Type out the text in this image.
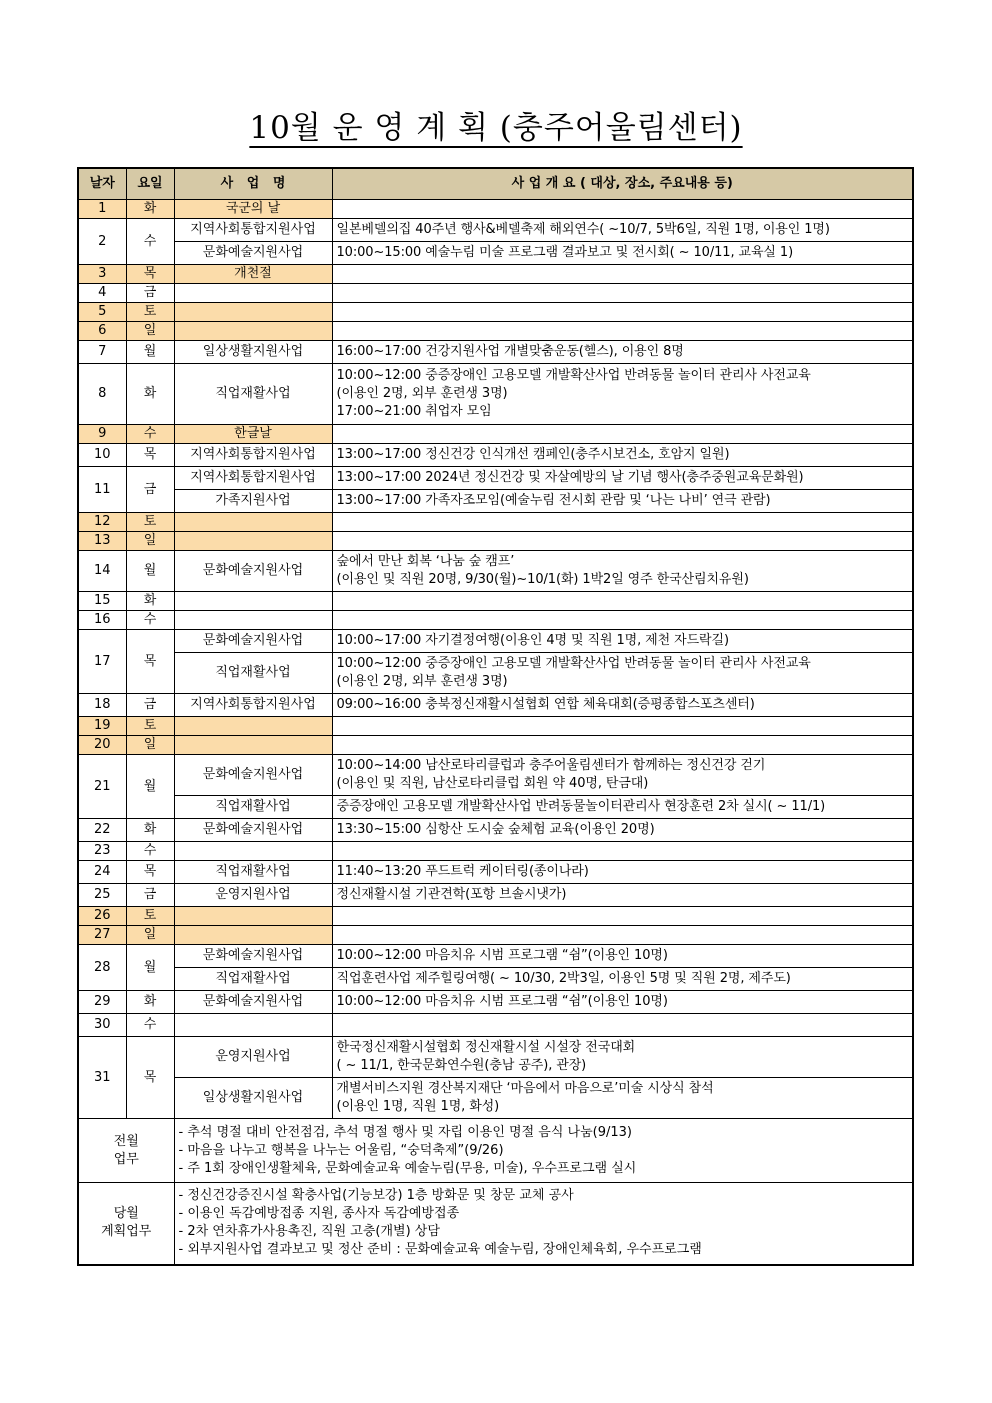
10월 운 영 계 획 (충주어울림센터)
날자	요일	사   업   명	사 업 개 요 ( 대상, 장소, 주요내용 등)
1	화	국군의 날	
2	수	지역사회통합지원사업	일본베델의집 40주년 행사&베델축제 해외연수( ~10/7, 5박6일, 직원 1명, 이용인 1명)
		문화예술지원사업	10:00~15:00 예술누림 미술 프로그램 결과보고 및 전시회( ~ 10/11, 교육실 1)
3	목	개천절	
4	금		
5	토		
6	일		
7	월	일상생활지원사업	16:00~17:00 건강지원사업 개별맞춤운동(헬스), 이용인 8명
8	화	직업재활사업	10:00~12:00 중증장애인 고용모델 개발확산사업 반려동물 놀이터 관리사 사전교육
(이용인 2명, 외부 훈련생 3명)
17:00~21:00 취업자 모임

9	수	한글날	
10	목	지역사회통합지원사업	13:00~17:00 정신건강 인식개선 캠페인(충주시보건소, 호암지 일원)
11	금	지역사회통합지원사업	13:00~17:00 2024년 정신건강 및 자살예방의 날 기념 행사(충주중원교육문화원)
		가족지원사업	13:00~17:00 가족자조모임(예술누림 전시회 관람 및 ‘나는 나비’ 연극 관람)
12	토		
13	일		
14	월	문화예술지원사업	숲에서 만난 회복 ‘나눔 숲 캠프’
(이용인 및 직원 20명, 9/30(월)~10/1(화) 1박2일 영주 한국산림치유원)

15	화		
16	수		
17	목	문화예술지원사업	10:00~17:00 자기결정여행(이용인 4명 및 직원 1명, 제천 자드락길)
		직업재활사업	10:00~12:00 중증장애인 고용모델 개발확산사업 반려동물 놀이터 관리사 사전교육
(이용인 2명, 외부 훈련생 3명)

18	금	지역사회통합지원사업	09:00~16:00 충북정신재활시설협회 연합 체육대회(증평종합스포츠센터)
19	토		
20	일		
21	월	문화예술지원사업	10:00~14:00 남산로타리클럽과 충주어울림센터가 함께하는 정신건강 걷기
(이용인 및 직원, 남산로타리클럽 회원 약 40명, 탄금대)

		직업재활사업	중증장애인 고용모델 개발확산사업 반려동물놀이터관리사 현장훈련 2차 실시( ~ 11/1)
22	화	문화예술지원사업	13:30~15:00 심항산 도시숲 숲체험 교육(이용인 20명)
23	수		
24	목	직업재활사업	11:40~13:20 푸드트럭 케이터링(종이나라)
25	금	운영지원사업	정신재활시설 기관견학(포항 브솔시냇가)
26	토		
27	일		
28	월	문화예술지원사업	10:00~12:00 마음치유 시범 프로그램 “쉼”(이용인 10명)
		직업재활사업	직업훈련사업 제주힐링여행( ~ 10/30, 2박3일, 이용인 5명 및 직원 2명, 제주도)
29	화	문화예술지원사업	10:00~12:00 마음치유 시범 프로그램 “쉼”(이용인 10명)
30	수		
31	목	운영지원사업	한국정신재활시설협회 정신재활시설 시설장 전국대회
( ~ 11/1, 한국문화연수원(충남 공주), 관장)

		일상생활지원사업	개별서비스지원 경산복지재단 ‘마음에서 마음으로’미술 시상식 참석
(이용인 1명, 직원 1명, 화성)

전월
업무		- 추석 명절 대비 안전점검, 추석 명절 행사 및 자립 이용인 명절 음식 나눔(9/13)
- 마음을 나누고 행복을 나누는 어울림, “숭덕축제”(9/26)
- 주 1회 장애인생활체육, 문화예술교육 예술누림(무용, 미술), 우수프로그램 실시	

당월
계획업무		- 정신건강증진시설 확충사업(기능보강) 1층 방화문 및 창문 교체 공사
- 이용인 독감예방접종 지원, 종사자 독감예방접종
- 2차 연차휴가사용촉진, 직원 고충(개별) 상담
- 외부지원사업 결과보고 및 정산 준비 : 문화예술교육 예술누림, 장애인체육회, 우수프로그램	
